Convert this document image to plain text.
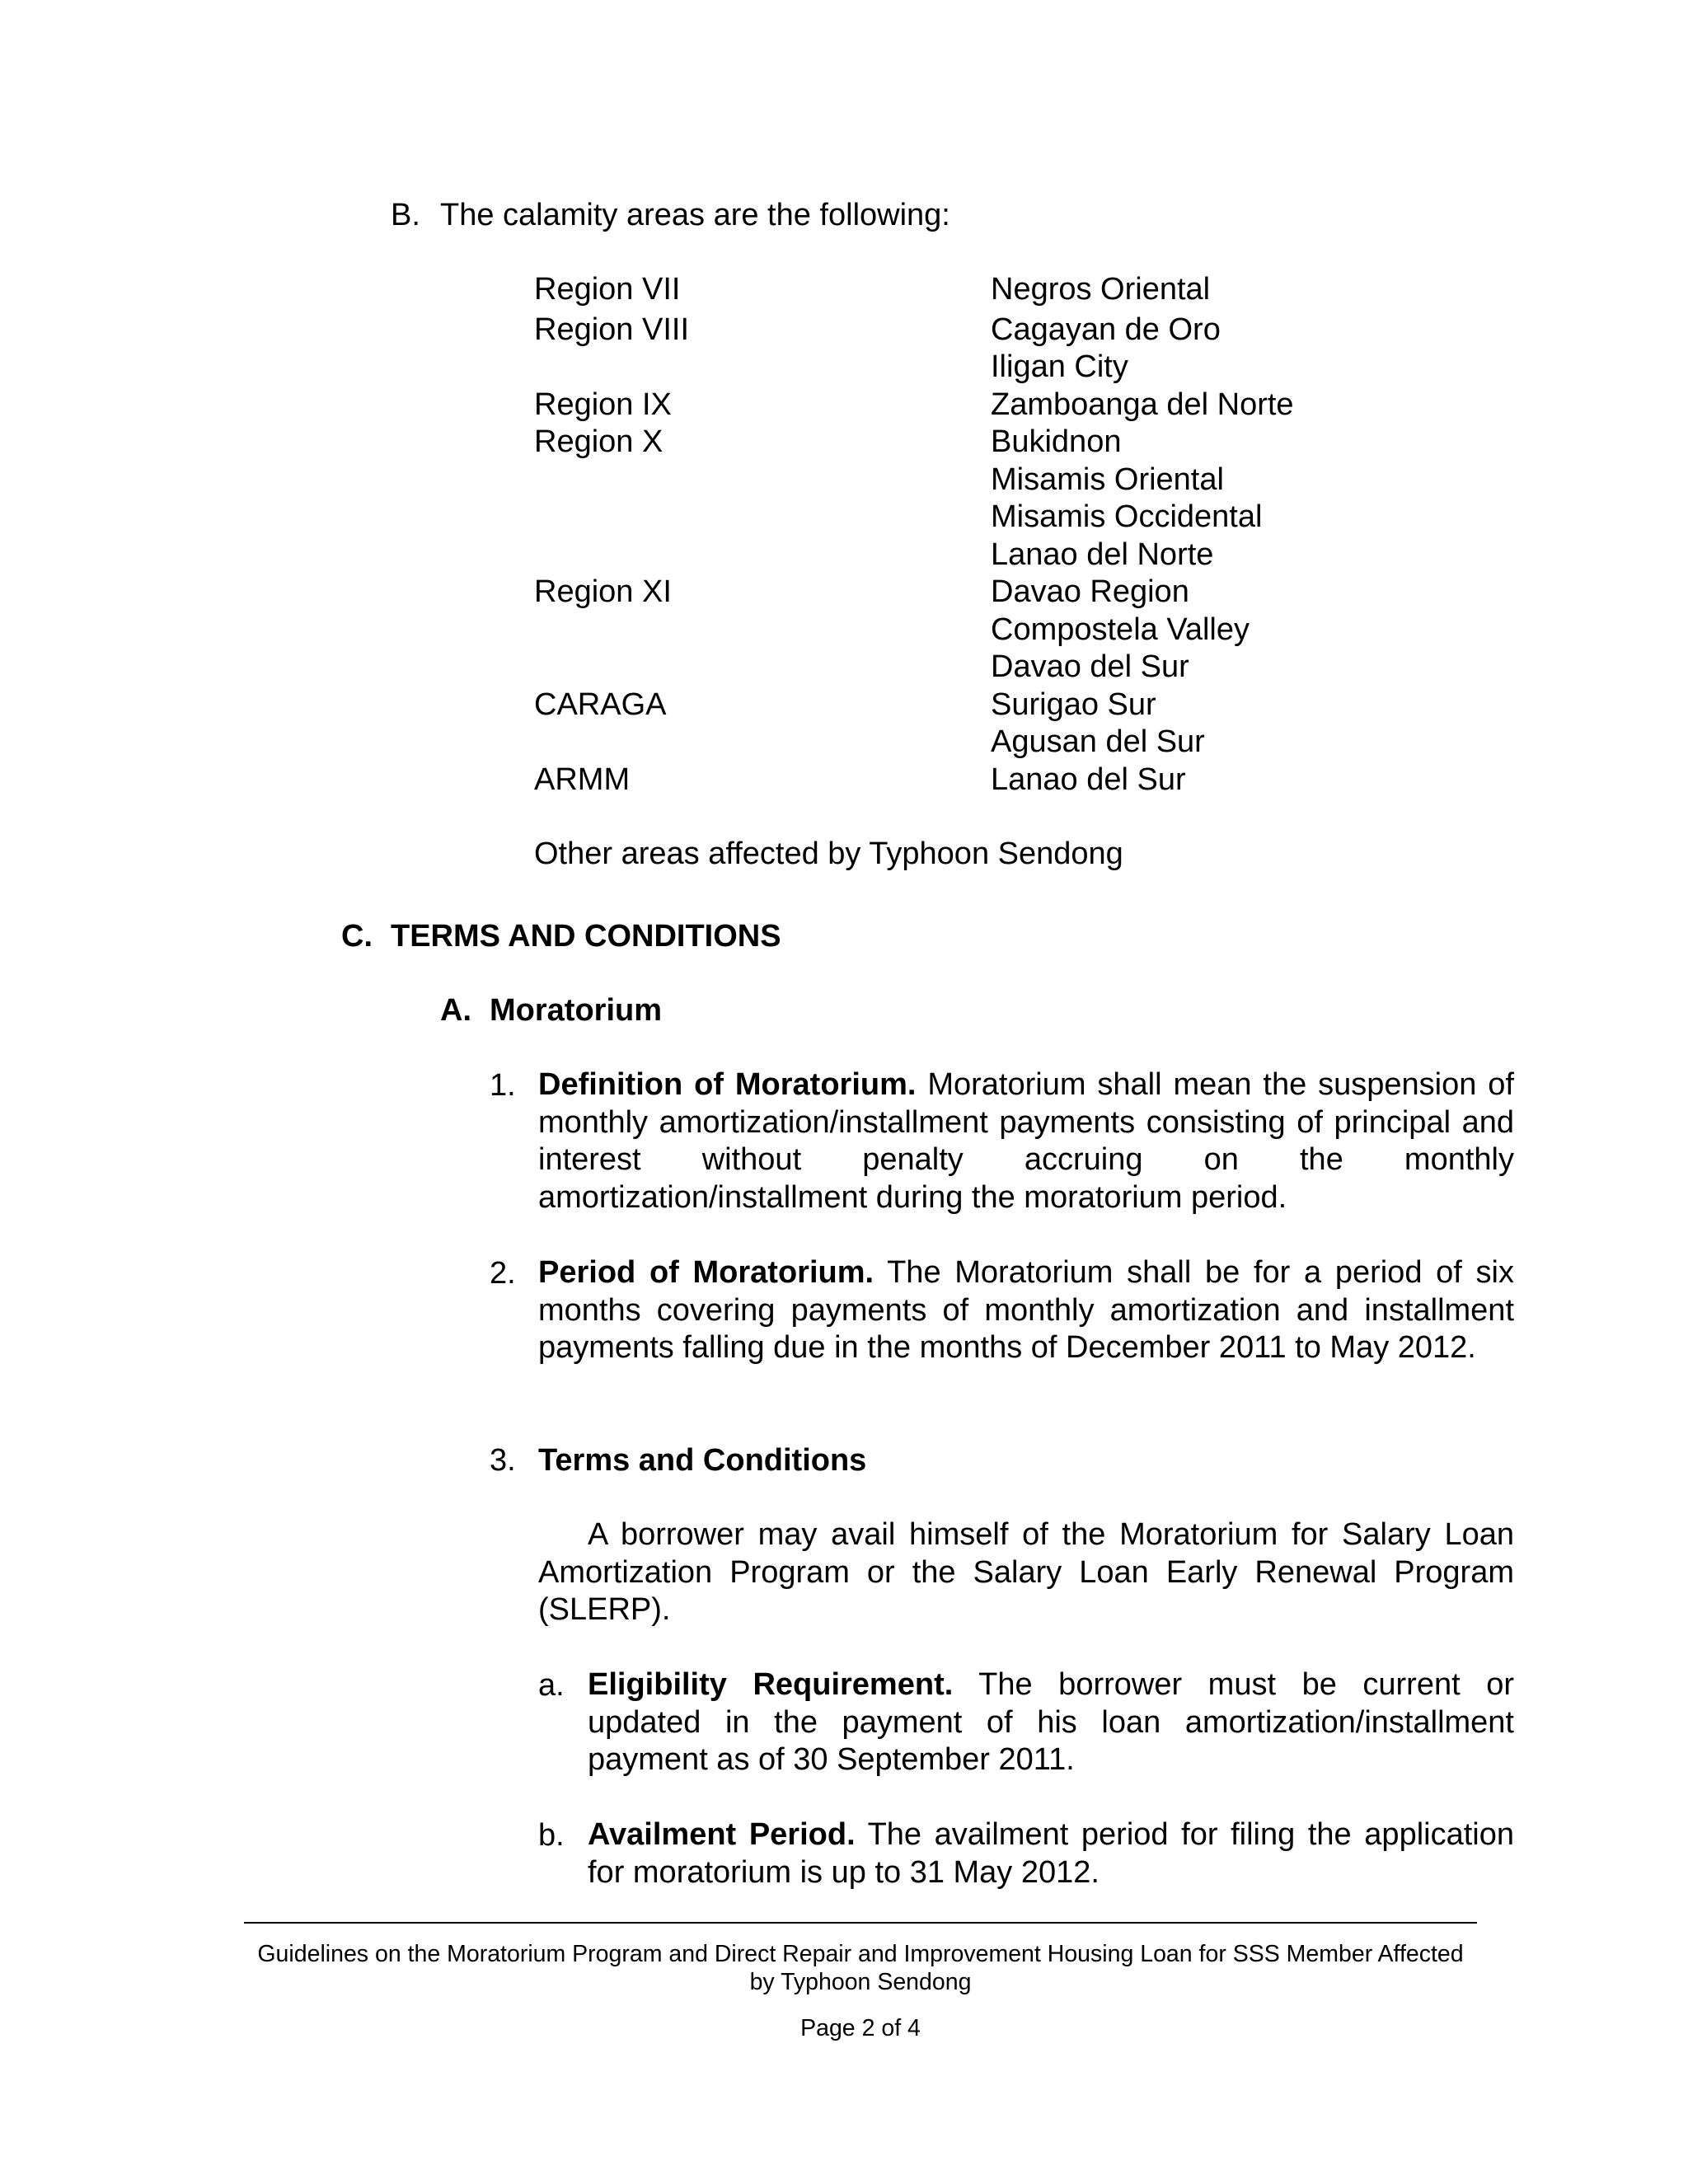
B. The calamity areas are the following:
Region VII	Negros Oriental
Region VIII	Cagayan de Oro
Iligan City
Region IX	Zamboanga del Norte
Region X	Bukidnon
Misamis Oriental
Misamis Occidental
Lanao del Norte
Region XI	Davao Region
Compostela Valley
Davao del Sur
CARAGA	Surigao Sur
Agusan del Sur
ARMM	Lanao del Sur
Other areas affected by Typhoon Sendong
C. TERMS AND CONDITIONS
A. Moratorium
1. Definition of Moratorium. Moratorium shall mean the suspension of monthly amortization/installment payments consisting of principal and interest without penalty accruing on the monthly amortization/installment during the moratorium period.
2. Period of Moratorium. The Moratorium shall be for a period of six months covering payments of monthly amortization and installment payments falling due in the months of December 2011 to May 2012.
3. Terms and Conditions
A borrower may avail himself of the Moratorium for Salary Loan Amortization Program or the Salary Loan Early Renewal Program (SLERP).
a. Eligibility Requirement. The borrower must be current or updated in the payment of his loan amortization/installment payment as of 30 September 2011.
b. Availment Period. The availment period for filing the application for moratorium is up to 31 May 2012.
Guidelines on the Moratorium Program and Direct Repair and Improvement Housing Loan for SSS Member Affected
by Typhoon Sendong
Page 2 of 4
